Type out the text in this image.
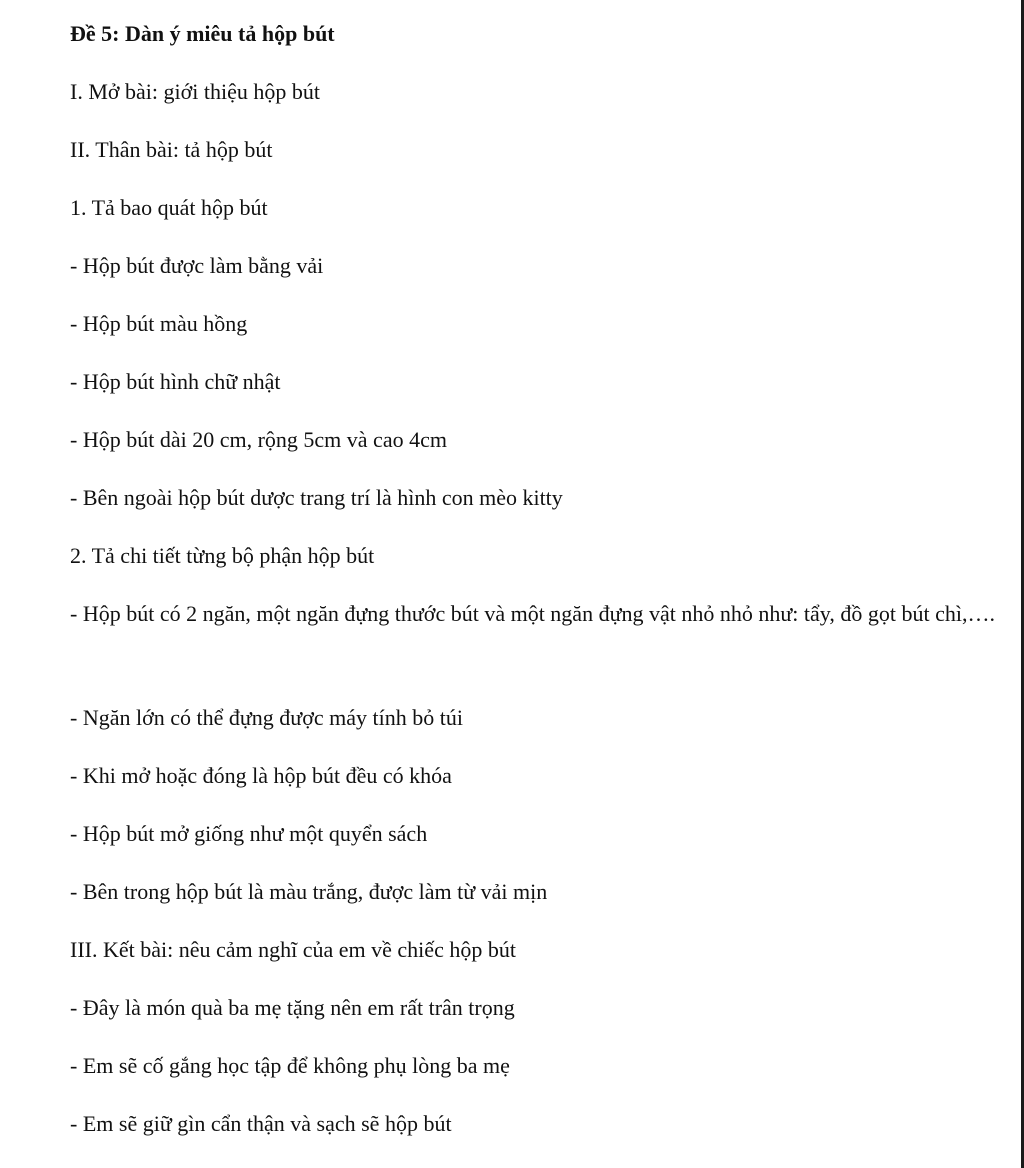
Đề 5: Dàn ý miêu tả hộp bút

I. Mở bài: giới thiệu hộp bút

II. Thân bài: tả hộp bút

1. Tả bao quát hộp bút

- Hộp bút được làm bằng vải

- Hộp bút màu hồng

- Hộp bút hình chữ nhật

- Hộp bút dài 20 cm, rộng 5cm và cao 4cm

- Bên ngoài hộp bút dược trang trí là hình con mèo kitty

2. Tả chi tiết từng bộ phận hộp bút

- Hộp bút có 2 ngăn, một ngăn đựng thước bút và một ngăn đựng vật nhỏ nhỏ như: tẩy, đồ gọt bút chì,….

- Ngăn lớn có thể đựng được máy tính bỏ túi

- Khi mở hoặc đóng là hộp bút đều có khóa

- Hộp bút mở giống như một quyển sách

- Bên trong hộp bút là màu trắng, được làm từ vải mịn

III. Kết bài: nêu cảm nghĩ của em về chiếc hộp bút

- Đây là món quà ba mẹ tặng nên em rất trân trọng

- Em sẽ cố gắng học tập để không phụ lòng ba mẹ

- Em sẽ giữ gìn cẩn thận và sạch sẽ hộp bút
